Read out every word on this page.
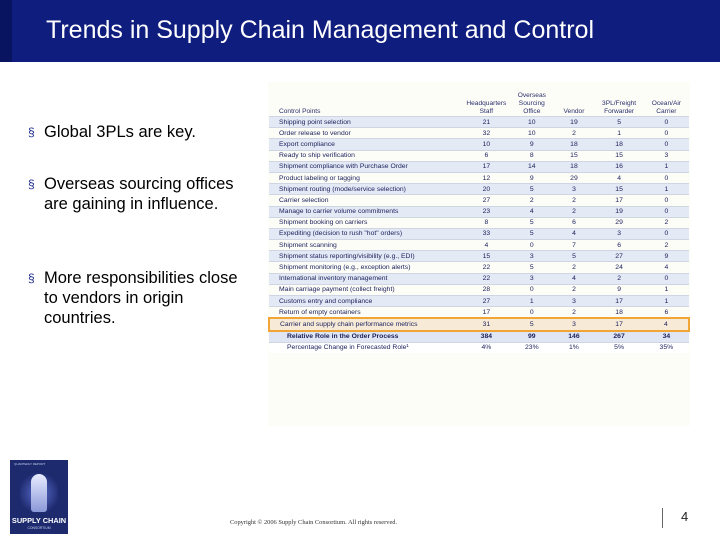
Trends in Supply Chain Management and Control
§ Global 3PLs are key.
§ Overseas sourcing offices are gaining in influence.
§ More responsibilities close to vendors in origin countries.
Control Points	Headquarters Staff	Overseas Sourcing Office	Vendor	3PL/Freight Forwarder	Ocean/Air Carrier
Shipping point selection	21	10	19	5	0
Order release to vendor	32	10	2	1	0
Export compliance	10	9	18	18	0
Ready to ship verification	6	8	15	15	3
Shipment compliance with Purchase Order	17	14	18	16	1
Product labeling or tagging	12	9	29	4	0
Shipment routing (mode/service selection)	20	5	3	15	1
Carrier selection	27	2	2	17	0
Manage to carrier volume commitments	23	4	2	19	0
Shipment booking on carriers	8	5	6	29	2
Expediting (decision to rush "hot" orders)	33	5	4	3	0
Shipment scanning	4	0	7	6	2
Shipment status reporting/visibility (e.g., EDI)	15	3	5	27	9
Shipment monitoring (e.g., exception alerts)	22	5	2	24	4
International inventory management	22	3	4	2	0
Main carriage payment (collect freight)	28	0	2	9	1
Customs entry and compliance	27	1	3	17	1
Return of empty containers	17	0	2	18	6
Carrier and supply chain performance metrics	31	5	3	17	4
Relative Role in the Order Process	384	99	146	267	34
Percentage Change in Forecasted Role¹	4%	23%	1%	5%	35%
QUARTERLY REPORT
SUPPLY CHAIN
CONSORTIUM
Copyright © 2006 Supply Chain Consortium. All rights reserved.	4
